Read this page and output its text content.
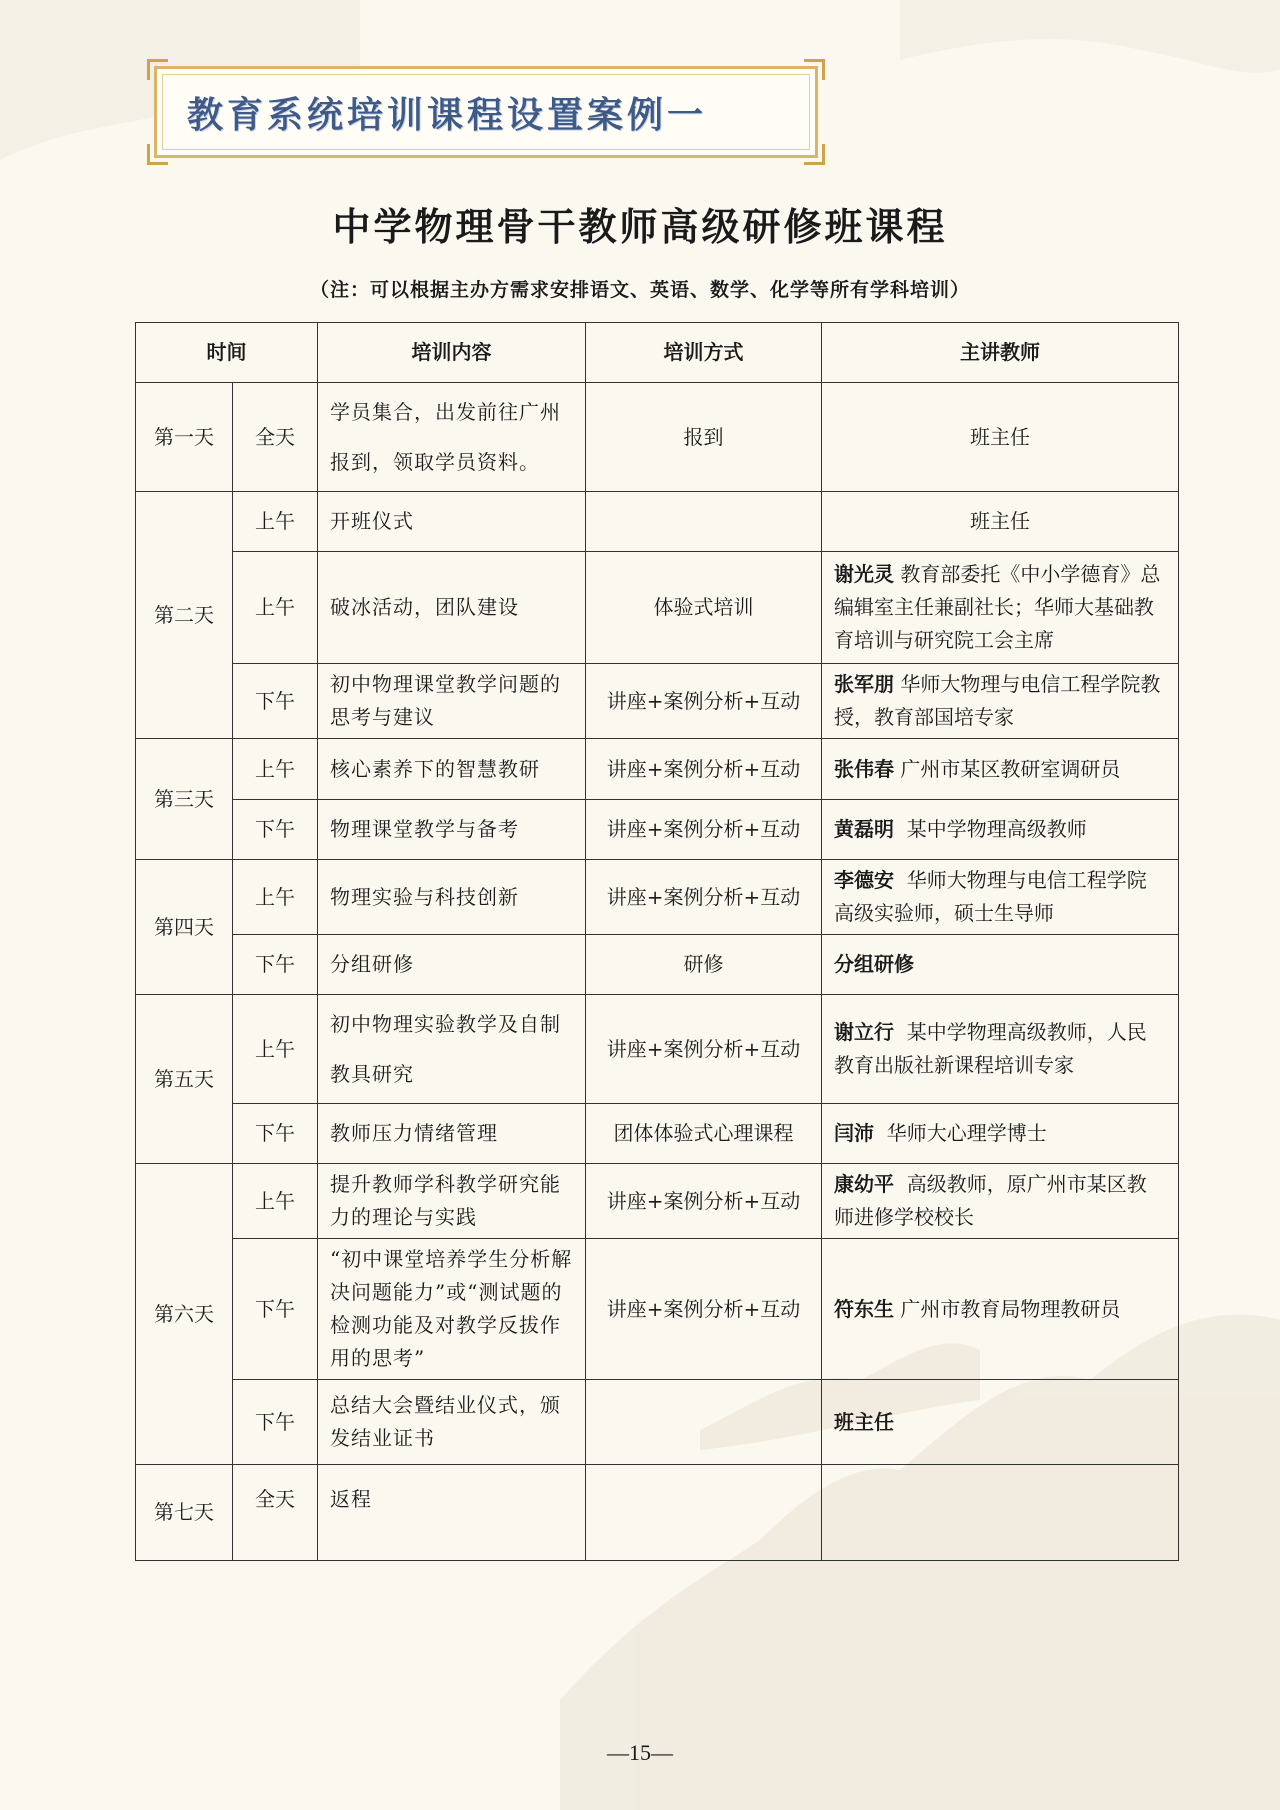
教育系统培训课程设置案例一
中学物理骨干教师高级研修班课程
（注：可以根据主办方需求安排语文、英语、数学、化学等所有学科培训）
时间		培训内容	培训方式	主讲教师
第一天	全天	学员集合，出发前往广州报到，领取学员资料。	报到	班主任
第二天	上午	开班仪式		班主任
	上午	破冰活动，团队建设	体验式培训	谢光灵 教育部委托《中小学德育》总编辑室主任兼副社长；华师大基础教育培训与研究院工会主席
	下午	初中物理课堂教学问题的思考与建议	讲座+案例分析+互动	张军朋 华师大物理与电信工程学院教授，教育部国培专家
第三天	上午	核心素养下的智慧教研	讲座+案例分析+互动	张伟春 广州市某区教研室调研员
	下午	物理课堂教学与备考	讲座+案例分析+互动	黄磊明 某中学物理高级教师
第四天	上午	物理实验与科技创新	讲座+案例分析+互动	李德安 华师大物理与电信工程学院高级实验师，硕士生导师
	下午	分组研修	研修	分组研修
第五天	上午	初中物理实验教学及自制教具研究	讲座+案例分析+互动	谢立行 某中学物理高级教师，人民教育出版社新课程培训专家
	下午	教师压力情绪管理	团体体验式心理课程	闫沛 华师大心理学博士
第六天	上午	提升教师学科教学研究能力的理论与实践	讲座+案例分析+互动	康幼平 高级教师，原广州市某区教师进修学校校长
	下午	“初中课堂培养学生分析解决问题能力”或“测试题的检测功能及对教学反拔作用的思考”	讲座+案例分析+互动	符东生 广州市教育局物理教研员
	下午	总结大会暨结业仪式，颁发结业证书		班主任
第七天	全天	返程		
—15—
